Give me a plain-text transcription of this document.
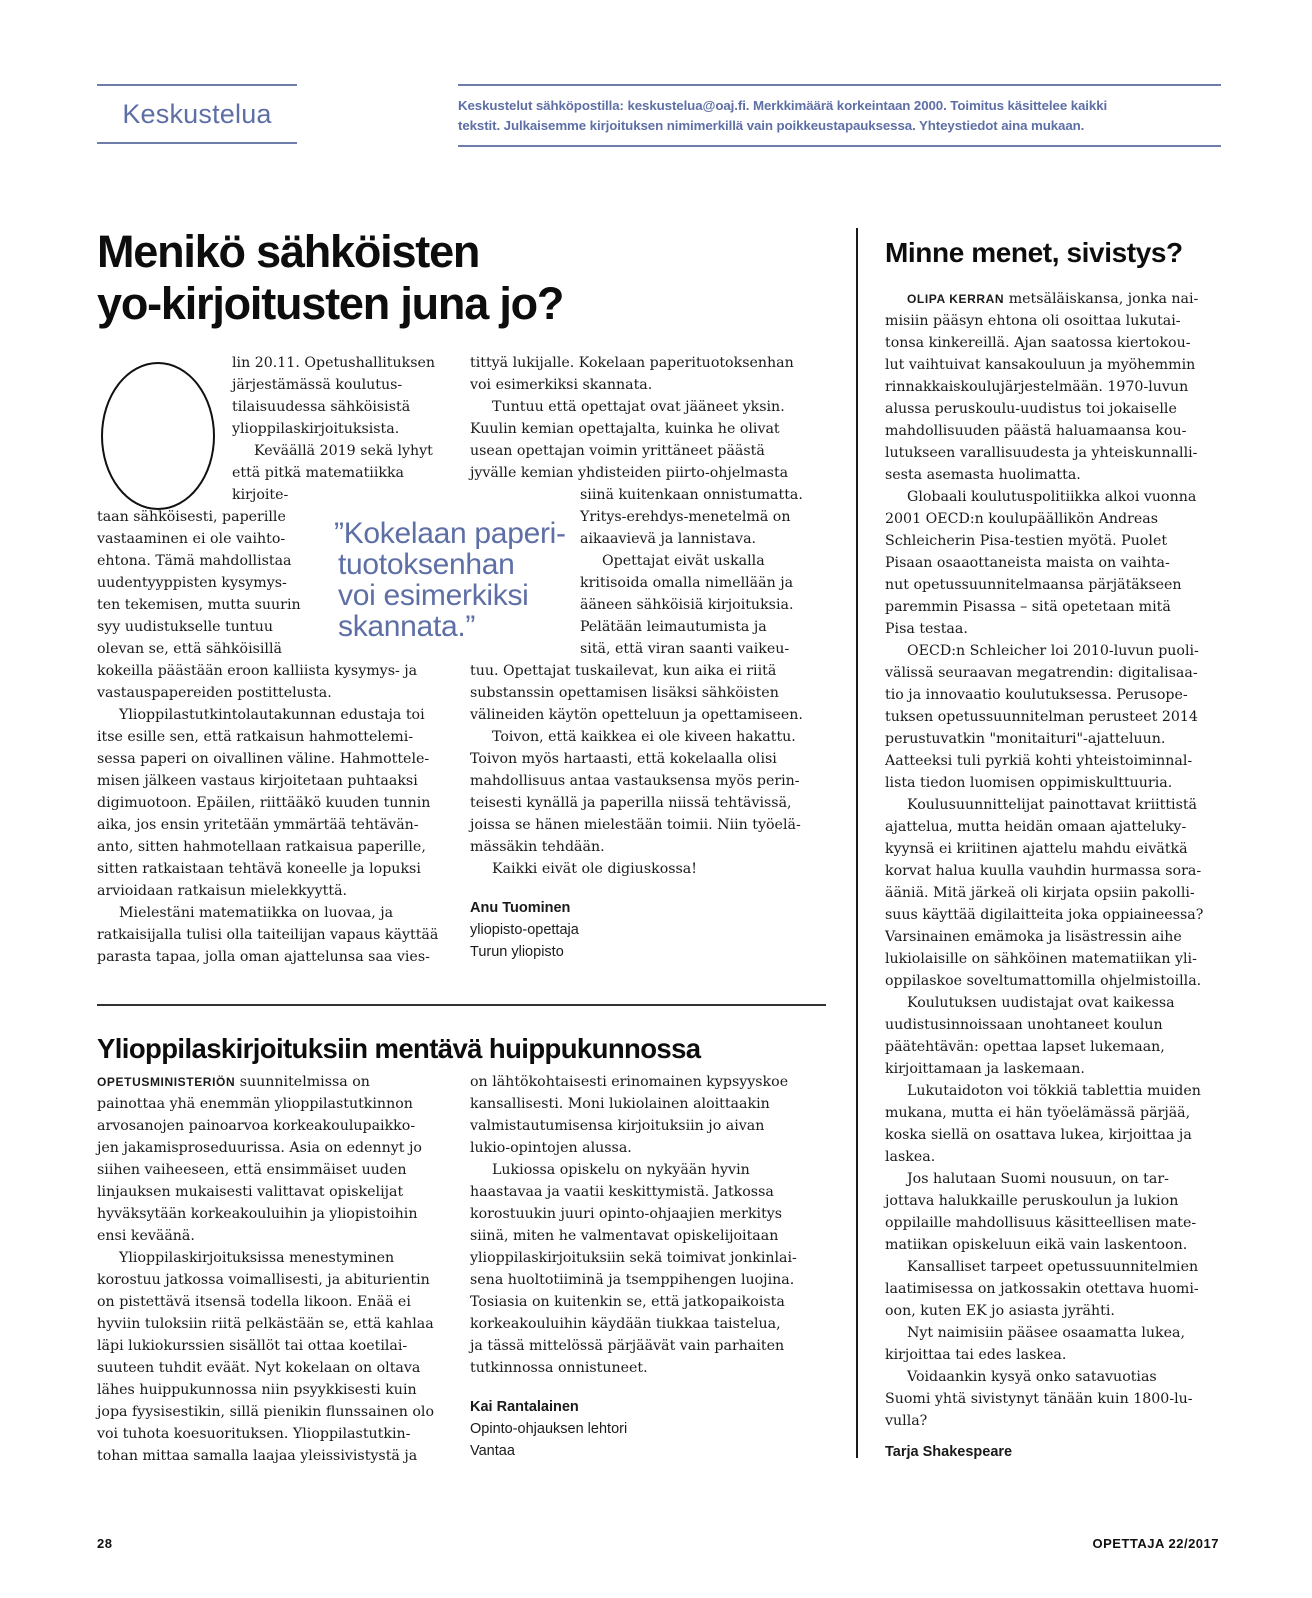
Keskustelua	Keskustelut sähköpostilla: keskustelua@oaj.fi. Merkkimäärä korkeintaan 2000. Toimitus käsittelee kaikki
tekstit. Julkaisemme kirjoituksen nimimerkillä vain poikkeustapauksessa. Yhteystiedot aina mukaan.
Menikö sähköisten
yo-kirjoitusten juna jo?
lin 20.11. Opetushallituksen
järjestämässä koulutus-
tilaisuudessa sähköisistä
ylioppilaskirjoituksista.
Keväällä 2019 sekä lyhyt
että pitkä matematiikka
kirjoite-
taan sähköisesti, paperille
vastaaminen ei ole vaihto-
ehtona. Tämä mahdollistaa
uudentyyppisten kysymys-
ten tekemisen, mutta suurin
syy uudistukselle tuntuu
olevan se, että sähköisillä
kokeilla päästään eroon kalliista kysymys- ja
vastauspapereiden postittelusta.
Ylioppilastutkintolautakunnan edustaja toi
itse esille sen, että ratkaisun hahmottelemi-
sessa paperi on oivallinen väline. Hahmottele-
misen jälkeen vastaus kirjoitetaan puhtaaksi
digimuotoon. Epäilen, riittääkö kuuden tunnin
aika, jos ensin yritetään ymmärtää tehtävän-
anto, sitten hahmotellaan ratkaisua paperille,
sitten ratkaistaan tehtävä koneelle ja lopuksi
arvioidaan ratkaisun mielekkyyttä.
Mielestäni matematiikka on luovaa, ja
ratkaisijalla tulisi olla taiteilijan vapaus käyttää
parasta tapaa, jolla oman ajattelunsa saa vies-
”Kokelaan paperi-
tuotoksenhan
voi esimerkiksi
skannata.”
tittyä lukijalle. Kokelaan paperituotoksenhan
voi esimerkiksi skannata.
Tuntuu että opettajat ovat jääneet yksin.
Kuulin kemian opettajalta, kuinka he olivat
usean opettajan voimin yrittäneet päästä
jyvälle kemian yhdisteiden piirto-ohjelmasta
siinä kuitenkaan onnistumatta.
Yritys-erehdys-menetelmä on
aikaavievä ja lannistava.
Opettajat eivät uskalla
kritisoida omalla nimellään ja
ääneen sähköisiä kirjoituksia.
Pelätään leimautumista ja
sitä, että viran saanti vaikeu-
tuu. Opettajat tuskailevat, kun aika ei riitä
substanssin opettamisen lisäksi sähköisten
välineiden käytön opetteluun ja opettamiseen.
Toivon, että kaikkea ei ole kiveen hakattu.
Toivon myös hartaasti, että kokelaalla olisi
mahdollisuus antaa vastauksensa myös perin-
teisesti kynällä ja paperilla niissä tehtävissä,
joissa se hänen mielestään toimii. Niin työelä-
mässäkin tehdään.
Kaikki eivät ole digiuskossa!
Anu Tuominen
yliopisto-opettaja
Turun yliopisto
Ylioppilaskirjoituksiin mentävä huippukunnossa
OPETUSMINISTERIÖN suunnitelmissa on
painottaa yhä enemmän ylioppilastutkinnon
arvosanojen painoarvoa korkeakoulupaikko-
jen jakamisproseduurissa. Asia on edennyt jo
siihen vaiheeseen, että ensimmäiset uuden
linjauksen mukaisesti valittavat opiskelijat
hyväksytään korkeakouluihin ja yliopistoihin
ensi keväänä.
Ylioppilaskirjoituksissa menestyminen
korostuu jatkossa voimallisesti, ja abiturientin
on pistettävä itsensä todella likoon. Enää ei
hyviin tuloksiin riitä pelkästään se, että kahlaa
läpi lukiokurssien sisällöt tai ottaa koetilai-
suuteen tuhdit eväät. Nyt kokelaan on oltava
lähes huippukunnossa niin psyykkisesti kuin
jopa fyysisestikin, sillä pienikin flunssainen olo
voi tuhota koesuorituksen. Ylioppilastutkin-
tohan mittaa samalla laajaa yleissivistystä ja
on lähtökohtaisesti erinomainen kypsyyskoe
kansallisesti. Moni lukiolainen aloittaakin
valmistautumisensa kirjoituksiin jo aivan
lukio-opintojen alussa.
Lukiossa opiskelu on nykyään hyvin
haastavaa ja vaatii keskittymistä. Jatkossa
korostuukin juuri opinto-ohjaajien merkitys
siinä, miten he valmentavat opiskelijoitaan
ylioppilaskirjoituksiin sekä toimivat jonkinlai-
sena huoltotiiminä ja tsemppihengen luojina.
Tosiasia on kuitenkin se, että jatkopaikoista
korkeakouluihin käydään tiukkaa taistelua,
ja tässä mittelössä pärjäävät vain parhaiten
tutkinnossa onnistuneet.
Kai Rantalainen
Opinto-ohjauksen lehtori
Vantaa
Minne menet, sivistys?
OLIPA KERRAN metsäläiskansa, jonka nai-
misiin pääsyn ehtona oli osoittaa lukutai-
tonsa kinkereillä. Ajan saatossa kiertokou-
lut vaihtuivat kansakouluun ja myöhemmin
rinnakkaiskoulujärjestelmään. 1970-luvun
alussa peruskoulu-uudistus toi jokaiselle
mahdollisuuden päästä haluamaansa kou-
lutukseen varallisuudesta ja yhteiskunnalli-
sesta asemasta huolimatta.
Globaali koulutuspolitiikka alkoi vuonna
2001 OECD:n koulupäällikön Andreas
Schleicherin Pisa-testien myötä. Puolet
Pisaan osaaottaneista maista on vaihta-
nut opetussuunnitelmaansa pärjätäkseen
paremmin Pisassa – sitä opetetaan mitä
Pisa testaa.
OECD:n Schleicher loi 2010-luvun puoli-
välissä seuraavan megatrendin: digitalisaa-
tio ja innovaatio koulutuksessa. Perusope-
tuksen opetussuunnitelman perusteet 2014
perustuvatkin "monitaituri"-ajatteluun.
Aatteeksi tuli pyrkiä kohti yhteistoiminnal-
lista tiedon luomisen oppimiskulttuuria.
Koulusuunnittelijat painottavat kriittistä
ajattelua, mutta heidän omaan ajatteluky-
kyynsä ei kriitinen ajattelu mahdu eivätkä
korvat halua kuulla vauhdin hurmassa sora-
ääniä. Mitä järkeä oli kirjata opsiin pakolli-
suus käyttää digilaitteita joka oppiaineessa?
Varsinainen emämoka ja lisästressin aihe
lukiolaisille on sähköinen matematiikan yli-
oppilaskoe soveltumattomilla ohjelmistoilla.
Koulutuksen uudistajat ovat kaikessa
uudistusinnoissaan unohtaneet koulun
päätehtävän: opettaa lapset lukemaan,
kirjoittamaan ja laskemaan.
Lukutaidoton voi tökkiä tablettia muiden
mukana, mutta ei hän työelämässä pärjää,
koska siellä on osattava lukea, kirjoittaa ja
laskea.
Jos halutaan Suomi nousuun, on tar-
jottava halukkaille peruskoulun ja lukion
oppilaille mahdollisuus käsitteellisen mate-
matiikan opiskeluun eikä vain laskentoon.
Kansalliset tarpeet opetussuunnitelmien
laatimisessa on jatkossakin otettava huomi-
oon, kuten EK jo asiasta jyrähti.
Nyt naimisiin pääsee osaamatta lukea,
kirjoittaa tai edes laskea.
Voidaankin kysyä onko satavuotias
Suomi yhtä sivistynyt tänään kuin 1800-lu-
vulla?
Tarja Shakespeare
28	OPETTAJA 22/2017
